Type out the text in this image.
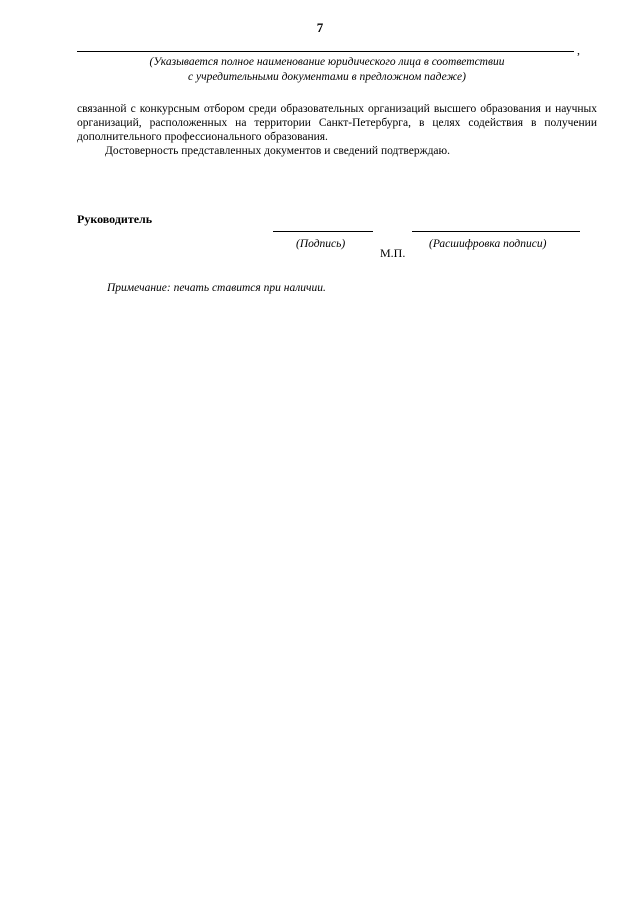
7
,
(Указывается полное наименование юридического лица в соответствии
с учредительными документами в предложном падеже)

связанной с конкурсным отбором среди образовательных организаций высшего образования и научных организаций, расположенных на территории Санкт-Петербурга, в целях содействия в получении дополнительного профессионального образования.

Достоверность представленных документов и сведений подтверждаю.

Руководитель
(Подпись)
М.П.
(Расшифровка подписи)
Примечание: печать ставится при наличии.
